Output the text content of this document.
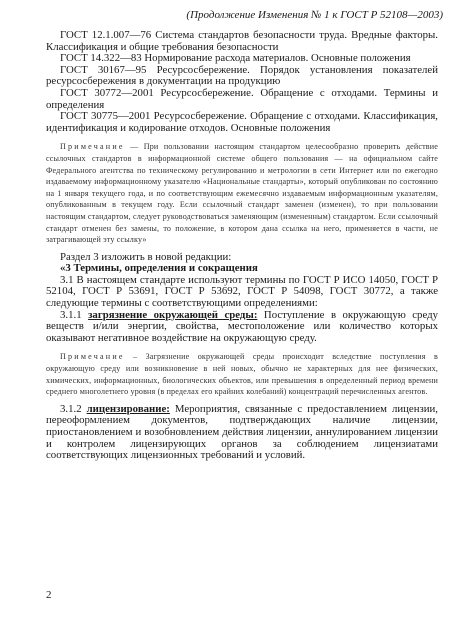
(Продолжение Изменения № 1 к ГОСТ Р 52108—2003)

ГОСТ 12.1.007—76 Система стандартов безопасности труда. Вредные факторы. Классификация и общие требования безопасности

ГОСТ 14.322—83 Нормирование расхода материалов. Основные положения

ГОСТ 30167—95 Ресурсосбережение. Порядок установления показателей ресурсосбережения в документации на продукцию

ГОСТ 30772—2001 Ресурсосбережение. Обращение с отходами. Термины и определения

ГОСТ 30775—2001 Ресурсосбережение. Обращение с отходами. Классификация, идентификация и кодирование отходов. Основные положения

Примечание — При пользовании настоящим стандартом целесообразно проверить действие ссылочных стандартов в информационной системе общего пользования — на официальном сайте Федерального агентства по техническому регулированию и метрологии в сети Интернет или по ежегодно издаваемому информационному указателю «Национальные стандарты», который опубликован по состоянию на 1 января текущего года, и по соответствующим ежемесячно издаваемым информационным указателям, опубликованным в текущем году. Если ссылочный стандарт заменен (изменен), то при пользовании настоящим стандартом, следует руководствоваться заменяющим (измененным) стандартом. Если ссылочный стандарт отменен без замены, то положение, в котором дана ссылка на него, применяется в части, не затрагивающей эту ссылку»

Раздел 3 изложить в новой редакции:

«3 Термины, определения и сокращения

3.1 В настоящем стандарте используют термины по ГОСТ Р ИСО 14050, ГОСТ Р 52104, ГОСТ Р 53691, ГОСТ Р 53692, ГОСТ Р 54098, ГОСТ 30772, а также следующие термины с соответствующими определениями:

3.1.1 загрязнение окружающей среды: Поступление в окружающую среду веществ и/или энергии, свойства, местоположение или количество которых оказывают негативное воздействие на окружающую среду.

Примечание – Загрязнение окружающей среды происходит вследствие поступления в окружающую среду или возникновение в ней новых, обычно не характерных для нее физических, химических, информационных, биологических объектов, или превышения в определенный период времени среднего многолетнего уровня (в пределах его крайних колебаний) концентраций перечисленных агентов.

3.1.2 лицензирование: Мероприятия, связанные с предоставлением лицензии, переоформлением документов, подтверждающих наличие лицензии, приостановлением и возобновлением действия лицензии, аннулированием лицензии и контролем лицензирующих органов за соблюдением лицензиатами соответствующих лицензионных требований и условий.

2
